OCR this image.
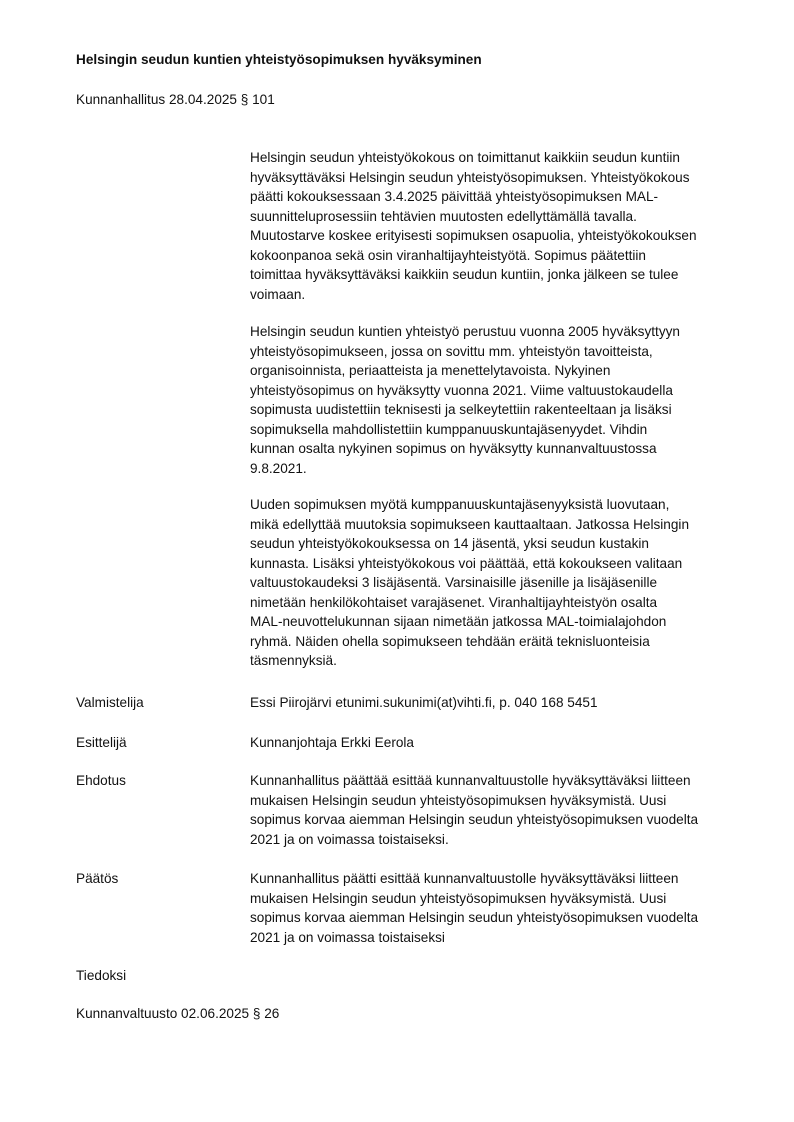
Helsingin seudun kuntien yhteistyösopimuksen hyväksyminen
Kunnanhallitus 28.04.2025 § 101
Helsingin seudun yhteistyökokous on toimittanut kaikkiin seudun kuntiin
hyväksyttäväksi Helsingin seudun yhteistyösopimuksen. Yhteistyökokous
päätti kokouksessaan 3.4.2025 päivittää yhteistyösopimuksen MAL-
suunnitteluprosessiin tehtävien muutosten edellyttämällä tavalla.
Muutostarve koskee erityisesti sopimuksen osapuolia, yhteistyökokouksen
kokoonpanoa sekä osin viranhaltijayhteistyötä. Sopimus päätettiin
toimittaa hyväksyttäväksi kaikkiin seudun kuntiin, jonka jälkeen se tulee
voimaan.
Helsingin seudun kuntien yhteistyö perustuu vuonna 2005 hyväksyttyyn
yhteistyösopimukseen, jossa on sovittu mm. yhteistyön tavoitteista,
organisoinnista, periaatteista ja menettelytavoista. Nykyinen
yhteistyösopimus on hyväksytty vuonna 2021. Viime valtuustokaudella
sopimusta uudistettiin teknisesti ja selkeytettiin rakenteeltaan ja lisäksi
sopimuksella mahdollistettiin kumppanuuskuntajäsenyydet. Vihdin
kunnan osalta nykyinen sopimus on hyväksytty kunnanvaltuustossa
9.8.2021.
Uuden sopimuksen myötä kumppanuuskuntajäsenyyksistä luovutaan,
mikä edellyttää muutoksia sopimukseen kauttaaltaan. Jatkossa Helsingin
seudun yhteistyökokouksessa on 14 jäsentä, yksi seudun kustakin
kunnasta. Lisäksi yhteistyökokous voi päättää, että kokoukseen valitaan
valtuustokaudeksi 3 lisäjäsentä. Varsinaisille jäsenille ja lisäjäsenille
nimetään henkilökohtaiset varajäsenet. Viranhaltijayhteistyön osalta
MAL-neuvottelukunnan sijaan nimetään jatkossa MAL-toimialajohdon
ryhmä. Näiden ohella sopimukseen tehdään eräitä teknisluonteisia
täsmennyksiä.
Valmistelija	Essi Piirojärvi etunimi.sukunimi(at)vihti.fi, p. 040 168 5451
Esittelijä	Kunnanjohtaja Erkki Eerola
Ehdotus	Kunnanhallitus päättää esittää kunnanvaltuustolle hyväksyttäväksi liitteen
mukaisen Helsingin seudun yhteistyösopimuksen hyväksymistä. Uusi
sopimus korvaa aiemman Helsingin seudun yhteistyösopimuksen vuodelta
2021 ja on voimassa toistaiseksi.
Päätös	Kunnanhallitus päätti esittää kunnanvaltuustolle hyväksyttäväksi liitteen
mukaisen Helsingin seudun yhteistyösopimuksen hyväksymistä. Uusi
sopimus korvaa aiemman Helsingin seudun yhteistyösopimuksen vuodelta
2021 ja on voimassa toistaiseksi
Tiedoksi
Kunnanvaltuusto 02.06.2025 § 26
